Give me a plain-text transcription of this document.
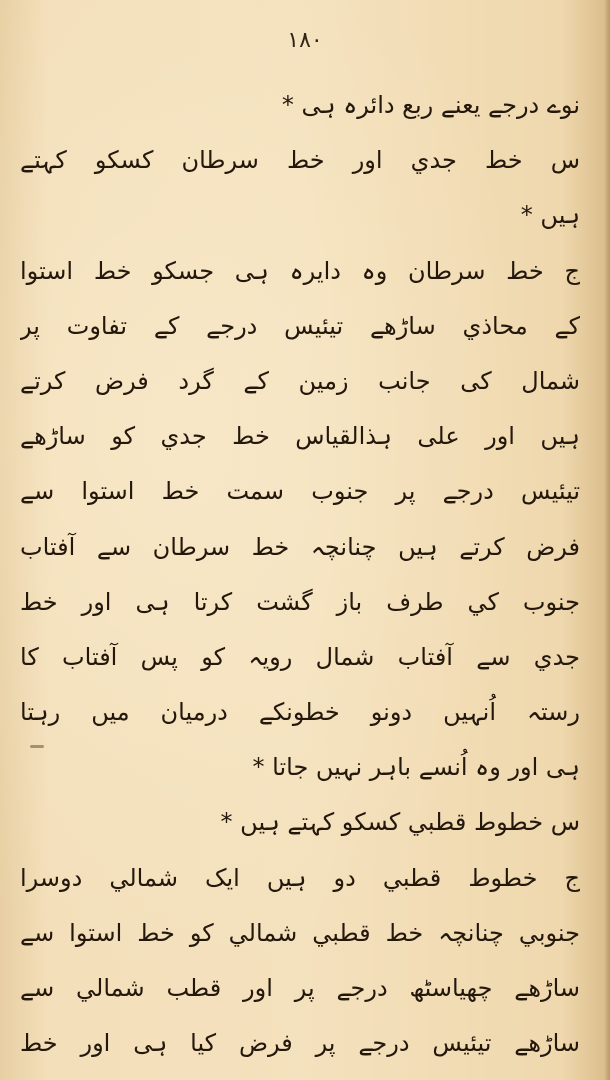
۱۸۰
نوے درجے یعنے ربع دائرہ ہی *
س خط جدي اور خط سرطان کسکو کہتے
ہیں *
ج خط سرطان وہ دایرہ ہی جسکو خط استوا
کے محاذي ساڑھے تیئیس درجے کے تفاوت پر
شمال کی جانب زمین کے گرد فرض کرتے
ہیں اور علی ہذالقیاس خط جدي کو ساڑھے
تیئیس درجے پر جنوب سمت خط استوا سے
فرض کرتے ہیں چنانچہ خط سرطان سے آفتاب
جنوب کي طرف باز گشت کرتا ہی اور خط
جدي سے آفتاب شمال رویہ کو پس آفتاب کا
رستہ اُنہیں دونو خطونکے درمیان میں رہتا
ہی اور وہ اُنسے باہر نہیں جاتا *
س خطوط قطبي کسکو کہتے ہیں *
ج خطوط قطبي دو ہیں ایک شمالي دوسرا
جنوبي چنانچہ خط قطبي شمالي کو خط استوا سے
ساڑھے چھیاسٹھ درجے پر اور قطب شمالي سے
ساڑھے تیئیس درجے پر فرض کیا ہی اور خط
